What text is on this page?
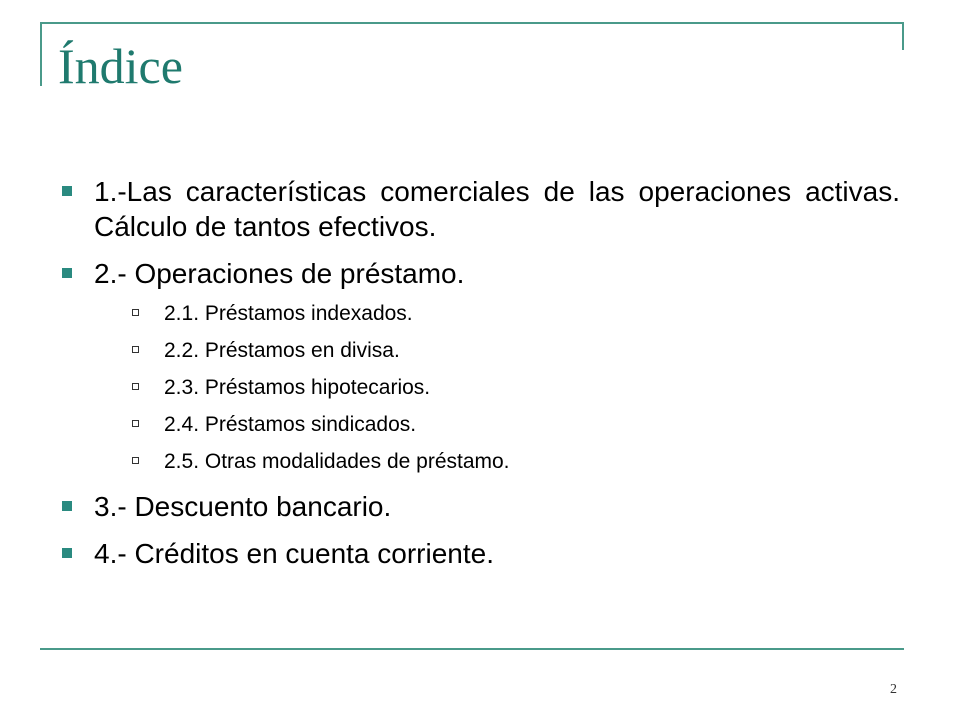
Índice
1.-Las características comerciales de las operaciones activas. Cálculo de tantos efectivos.
2.- Operaciones de préstamo.
2.1. Préstamos indexados.
2.2. Préstamos en divisa.
2.3. Préstamos hipotecarios.
2.4. Préstamos sindicados.
2.5. Otras modalidades de préstamo.
3.- Descuento bancario.
4.- Créditos en cuenta corriente.
2
